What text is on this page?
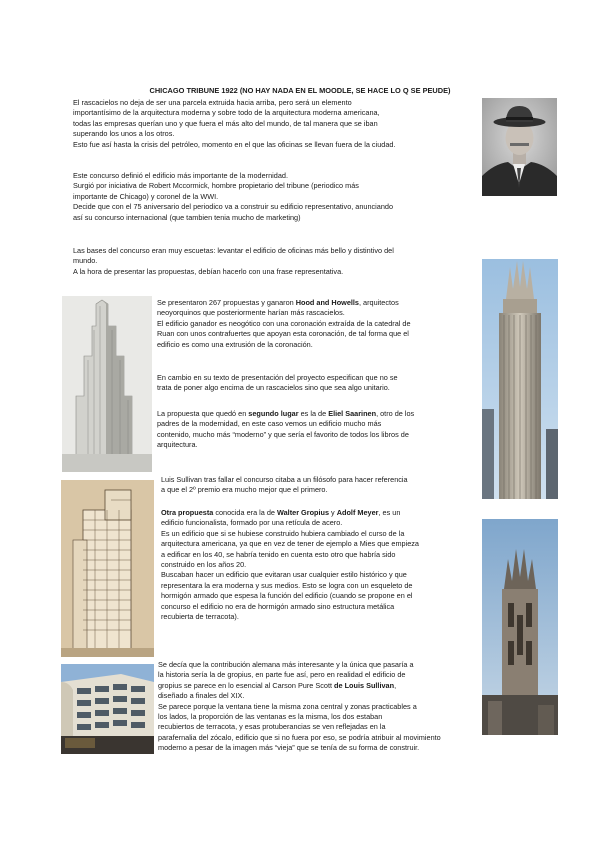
CHICAGO TRIBUNE 1922 (NO HAY NADA EN EL MOODLE, SE HACE LO Q SE PEUDE)
El rascacielos no deja de ser una parcela extruida hacia arriba, pero será un elemento
importantísimo de la arquitectura moderna y sobre todo de la arquitectura moderna americana,
todas las empresas querían uno y que fuera el más alto del mundo, de tal manera que se iban
superando los unos a los otros.
Esto fue así hasta la crisis del petróleo, momento en el que las oficinas se llevan fuera de la ciudad.
Este concurso definió el edificio más importante de la modernidad.
Surgió por iniciativa de Robert Mccormick, hombre propietario del tribune (periodico más
importante de Chicago) y coronel de la WWI.
Decide que con el 75 aniversario del periodico va a construir su edificio representativo, anunciando
así su concurso internacional (que tambien tenia mucho de marketing)
Las bases del concurso eran muy escuetas: levantar el edificio de oficinas más bello y distintivo del
mundo.
A la hora de presentar las propuestas, debían hacerlo con una frase representativa.
Se presentaron 267 propuestas y ganaron Hood and Howells, arquitectos
neoyorquinos que posteriormente harían más rascacielos.
El edificio ganador es neogótico con una coronación extraída de la catedral de
Ruan con unos contrafuertes que apoyan esta coronación, de tal forma que el
edificio es como una extrusión de la coronación.
En cambio en su texto de presentación del proyecto especifican que no se
trata de poner algo encima de un rascacielos sino que sea algo unitario.
La propuesta que quedó en segundo lugar es la de Eliel Saarinen, otro de los
padres de la modernidad, en este caso vemos un edificio mucho más
contenido, mucho más “moderno” y que sería el favorito de todos los libros de
arquitectura.
Luis Sullivan tras fallar el concurso citaba a un filósofo para hacer referencia
a que el 2º premio era mucho mejor que el primero.
Otra propuesta conocida era la de Walter Gropius y Adolf Meyer, es un
edificio funcionalista, formado por una retícula de acero.
Es un edificio que si se hubiese construido hubiera cambiado el curso de la
arquitectura americana, ya que en vez de tener de ejemplo a Mies que empieza
a edificar en los 40, se habría tenido en cuenta esto otro que habría sido
construido en los años 20.
Buscaban hacer un edificio que evitaran usar cualquier estilo histórico y que
representara la era moderna y sus medios. Esto se logra con un esqueleto de
hormigón armado que espesa la función del edificio (cuando se propone en el
concurso el edificio no era de hormigón armado sino estructura metálica
recubierta de terracota).
Se decía que la contribución alemana más interesante y la única que pasaría a
la historia sería la de gropius, en parte fue así, pero en realidad el edificio de
gropius se parece en lo esencial al Carson Pure Scott de Louis Sullivan,
diseñado a finales del XIX.
Se parece porque la ventana tiene la misma zona central y zonas practicables a
los lados, la proporción de las ventanas es la misma, los dos estaban
recubiertos de terracota, y esas protuberancias se ven reflejadas en la
parafernalia del zócalo, edificio que si no fuera por eso, se podría atribuir al movimiento
moderno a pesar de la imagen más “vieja” que se tenía de su forma de construir.
